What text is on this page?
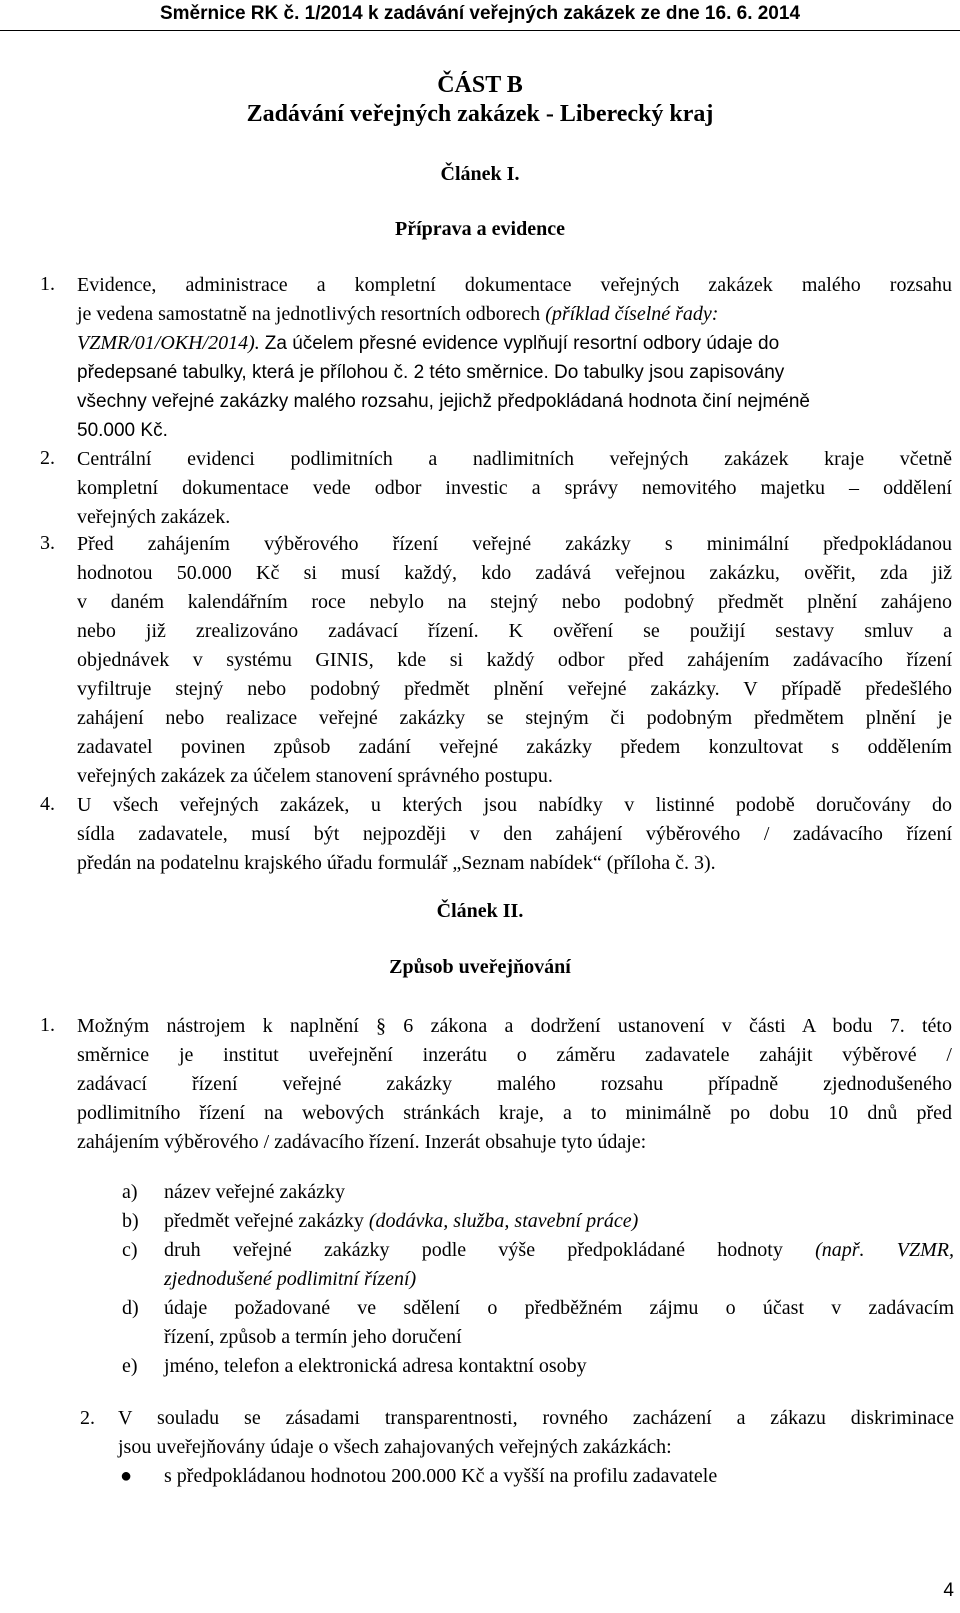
Směrnice RK č. 1/2014 k zadávání veřejných zakázek ze dne 16. 6. 2014
ČÁST B
Zadávání veřejných zakázek - Liberecký kraj
Článek I.
Příprava a evidence
1. Evidence, administrace a kompletní dokumentace veřejných zakázek malého rozsahu
je vedena samostatně na jednotlivých resortních odborech (příklad číselné řady:
VZMR/01/OKH/2014). Za účelem přesné evidence vyplňují resortní odbory údaje do
předepsané tabulky, která je přílohou č. 2 této směrnice. Do tabulky jsou zapisovány
všechny veřejné zakázky malého rozsahu, jejichž předpokládaná hodnota činí nejméně
50.000 Kč.
2. Centrální evidenci podlimitních a nadlimitních veřejných zakázek kraje včetně
kompletní dokumentace vede odbor investic a správy nemovitého majetku – oddělení
veřejných zakázek.
3. Před zahájením výběrového řízení veřejné zakázky s minimální předpokládanou
hodnotou 50.000 Kč si musí každý, kdo zadává veřejnou zakázku, ověřit, zda již
v daném kalendářním roce nebylo na stejný nebo podobný předmět plnění zahájeno
nebo již zrealizováno zadávací řízení. K ověření se použijí sestavy smluv a
objednávek v systému GINIS, kde si každý odbor před zahájením zadávacího řízení
vyfiltruje stejný nebo podobný předmět plnění veřejné zakázky. V případě předešlého
zahájení nebo realizace veřejné zakázky se stejným či podobným předmětem plnění je
zadavatel povinen způsob zadání veřejné zakázky předem konzultovat s oddělením
veřejných zakázek za účelem stanovení správného postupu.
4. U všech veřejných zakázek, u kterých jsou nabídky v listinné podobě doručovány do
sídla zadavatele, musí být nejpozději v den zahájení výběrového / zadávacího řízení
předán na podatelnu krajského úřadu formulář „Seznam nabídek“ (příloha č. 3).
Článek II.
Způsob uveřejňování
1. Možným nástrojem k naplnění § 6 zákona a dodržení ustanovení v části A bodu 7. této
směrnice je institut uveřejnění inzerátu o záměru zadavatele zahájit výběrové /
zadávací řízení veřejné zakázky malého rozsahu případně zjednodušeného
podlimitního řízení na webových stránkách kraje, a to minimálně po dobu 10 dnů před
zahájením výběrového / zadávacího řízení. Inzerát obsahuje tyto údaje:
a) název veřejné zakázky
b) předmět veřejné zakázky (dodávka, služba, stavební práce)
c) druh veřejné zakázky podle výše předpokládané hodnoty (např. VZMR,
zjednodušené podlimitní řízení)
d) údaje požadované ve sdělení o předběžném zájmu o účast v zadávacím
řízení, způsob a termín jeho doručení
e) jméno, telefon a elektronická adresa kontaktní osoby
2. V souladu se zásadami transparentnosti, rovného zacházení a zákazu diskriminace
jsou uveřejňovány údaje o všech zahajovaných veřejných zakázkách:
● s předpokládanou hodnotou 200.000 Kč a vyšší na profilu zadavatele
4
